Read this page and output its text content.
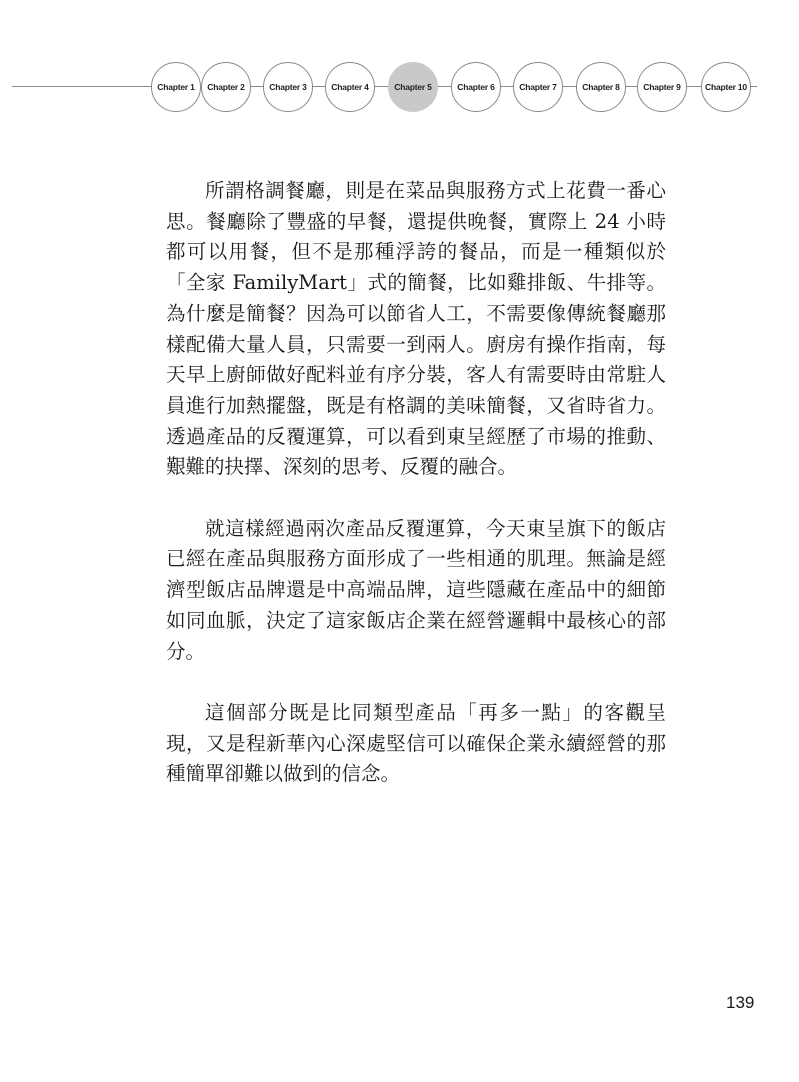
Chapter 1	Chapter 2	Chapter 3	Chapter 4	Chapter 5	Chapter 6	Chapter 7	Chapter 8	Chapter 9	Chapter 10

所謂格調餐廳，則是在菜品與服務方式上花費一番心思。餐廳除了豐盛的早餐，還提供晚餐，實際上 24 小時都可以用餐，但不是那種浮誇的餐品，而是一種類似於「全家 FamilyMart」式的簡餐，比如雞排飯、牛排等。為什麼是簡餐？因為可以節省人工，不需要像傳統餐廳那樣配備大量人員，只需要一到兩人。廚房有操作指南，每天早上廚師做好配料並有序分裝，客人有需要時由常駐人員進行加熱擺盤，既是有格調的美味簡餐，又省時省力。透過產品的反覆運算，可以看到東呈經歷了市場的推動、艱難的抉擇、深刻的思考、反覆的融合。

就這樣經過兩次產品反覆運算，今天東呈旗下的飯店已經在產品與服務方面形成了一些相通的肌理。無論是經濟型飯店品牌還是中高端品牌，這些隱藏在產品中的細節如同血脈，決定了這家飯店企業在經營邏輯中最核心的部分。

這個部分既是比同類型產品「再多一點」的客觀呈現，又是程新華內心深處堅信可以確保企業永續經營的那種簡單卻難以做到的信念。

139
